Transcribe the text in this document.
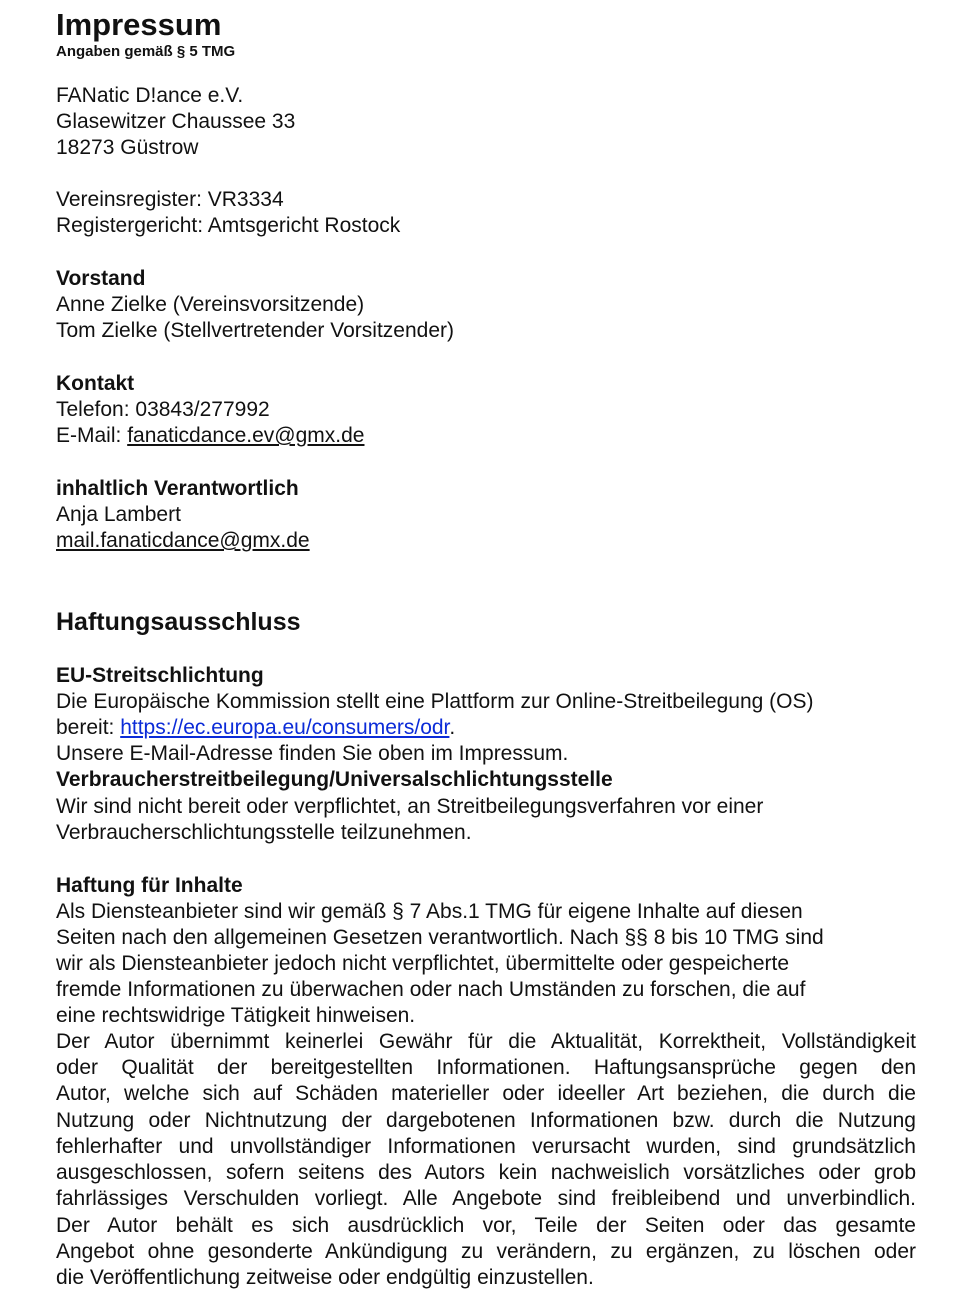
Impressum
Angaben gemäß § 5 TMG
FANatic D!ance e.V.
Glasewitzer Chaussee 33
18273 Güstrow
Vereinsregister: VR3334
Registergericht: Amtsgericht Rostock
Vorstand
Anne Zielke (Vereinsvorsitzende)
Tom Zielke (Stellvertretender Vorsitzender)
Kontakt
Telefon: 03843/277992
E-Mail: fanaticdance.ev@gmx.de
inhaltlich Verantwortlich
Anja Lambert
mail.fanaticdance@gmx.de
Haftungsausschluss
EU-Streitschlichtung
Die Europäische Kommission stellt eine Plattform zur Online-Streitbeilegung (OS)
bereit: https://ec.europa.eu/consumers/odr.
Unsere E-Mail-Adresse finden Sie oben im Impressum.
Verbraucherstreitbeilegung/Universalschlichtungsstelle
Wir sind nicht bereit oder verpflichtet, an Streitbeilegungsverfahren vor einer
Verbraucherschlichtungsstelle teilzunehmen.
Haftung für Inhalte
Als Diensteanbieter sind wir gemäß § 7 Abs.1 TMG für eigene Inhalte auf diesen
Seiten nach den allgemeinen Gesetzen verantwortlich. Nach §§ 8 bis 10 TMG sind
wir als Diensteanbieter jedoch nicht verpflichtet, übermittelte oder gespeicherte
fremde Informationen zu überwachen oder nach Umständen zu forschen, die auf
eine rechtswidrige Tätigkeit hinweisen.
Der Autor übernimmt keinerlei Gewähr für die Aktualität, Korrektheit, Vollständigkeit
oder Qualität der bereitgestellten Informationen. Haftungsansprüche gegen den
Autor, welche sich auf Schäden materieller oder ideeller Art beziehen, die durch die
Nutzung oder Nichtnutzung der dargebotenen Informationen bzw. durch die Nutzung
fehlerhafter und unvollständiger Informationen verursacht wurden, sind grundsätzlich
ausgeschlossen, sofern seitens des Autors kein nachweislich vorsätzliches oder grob
fahrlässiges Verschulden vorliegt. Alle Angebote sind freibleibend und unverbindlich.
Der Autor behält es sich ausdrücklich vor, Teile der Seiten oder das gesamte
Angebot ohne gesonderte Ankündigung zu verändern, zu ergänzen, zu löschen oder
die Veröffentlichung zeitweise oder endgültig einzustellen.
